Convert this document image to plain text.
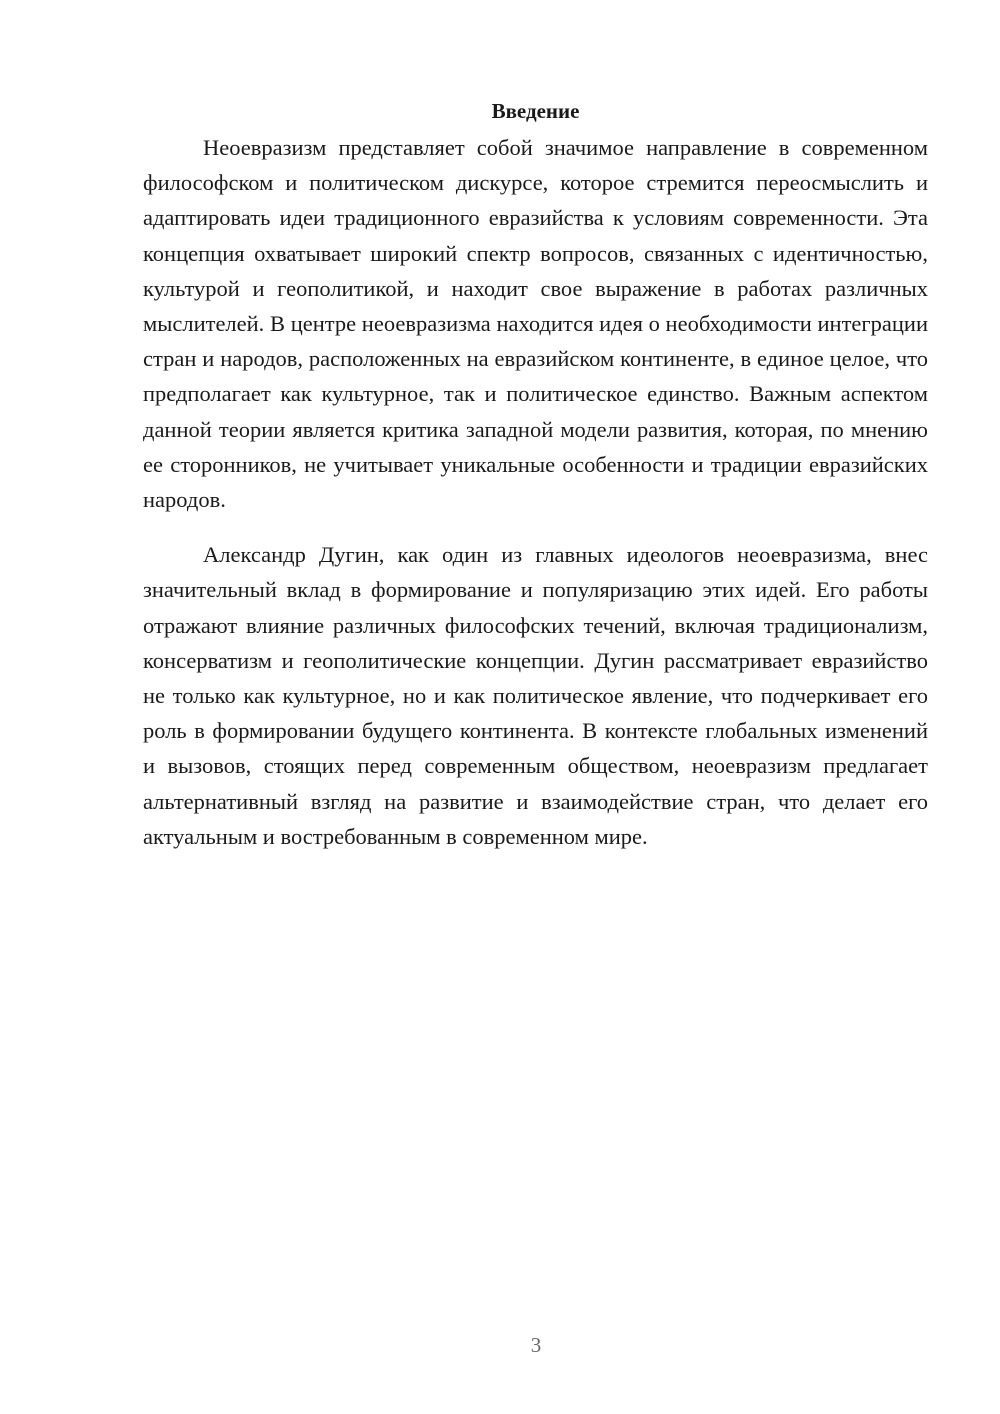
Введение

Неоевразизм представляет собой значимое направление в современном философском и политическом дискурсе, которое стремится переосмыслить и адаптировать идеи традиционного евразийства к условиям современности. Эта концепция охватывает широкий спектр вопросов, связанных с идентичностью, культурой и геополитикой, и находит свое выражение в работах различных мыслителей. В центре неоевразизма находится идея о необходимости интеграции стран и народов, расположенных на евразийском континенте, в единое целое, что предполагает как культурное, так и политическое единство. Важным аспектом данной теории является критика западной модели развития, которая, по мнению ее сторонников, не учитывает уникальные особенности и традиции евразийских народов.

Александр Дугин, как один из главных идеологов неоевразизма, внес значительный вклад в формирование и популяризацию этих идей. Его работы отражают влияние различных философских течений, включая традиционализм, консерватизм и геополитические концепции. Дугин рассматривает евразийство не только как культурное, но и как политическое явление, что подчеркивает его роль в формировании будущего континента. В контексте глобальных изменений и вызовов, стоящих перед современным обществом, неоевразизм предлагает альтернативный взгляд на развитие и взаимодействие стран, что делает его актуальным и востребованным в современном мире.

3
